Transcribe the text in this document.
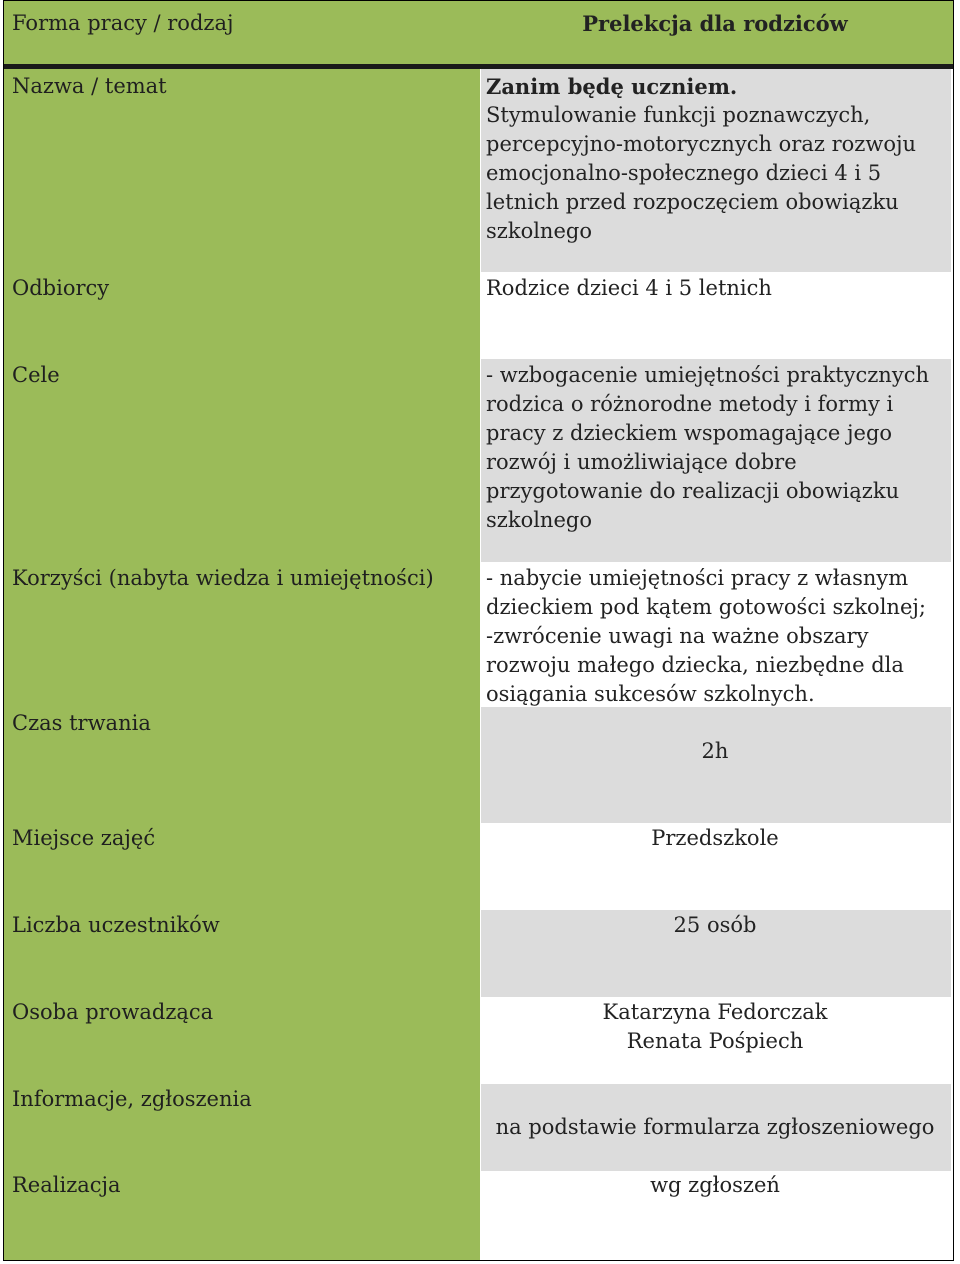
Forma pracy / rodzaj
Nazwa / temat
Odbiorcy
Cele
Korzyści (nabyta wiedza i umiejętności)
Czas trwania
Miejsce zajęć
Liczba uczestników
Osoba prowadząca
Informacje, zgłoszenia
Realizacja
Prelekcja dla rodziców
Zanim będę uczniem.
Stymulowanie funkcji poznawczych,
percepcyjno-motorycznych oraz rozwoju
emocjonalno-społecznego dzieci 4 i 5
letnich przed rozpoczęciem obowiązku
szkolnego
Rodzice dzieci 4 i 5 letnich
- wzbogacenie umiejętności praktycznych
rodzica o różnorodne metody i formy i
pracy z dzieckiem wspomagające jego
rozwój i umożliwiające dobre
przygotowanie do realizacji obowiązku
szkolnego
- nabycie umiejętności pracy z własnym
dzieckiem pod kątem gotowości szkolnej;
-zwrócenie uwagi na ważne obszary
rozwoju małego dziecka, niezbędne dla
osiągania sukcesów szkolnych.
2h
Przedszkole
25 osób
Katarzyna Fedorczak
Renata Pośpiech
na podstawie formularza zgłoszeniowego
wg zgłoszeń
